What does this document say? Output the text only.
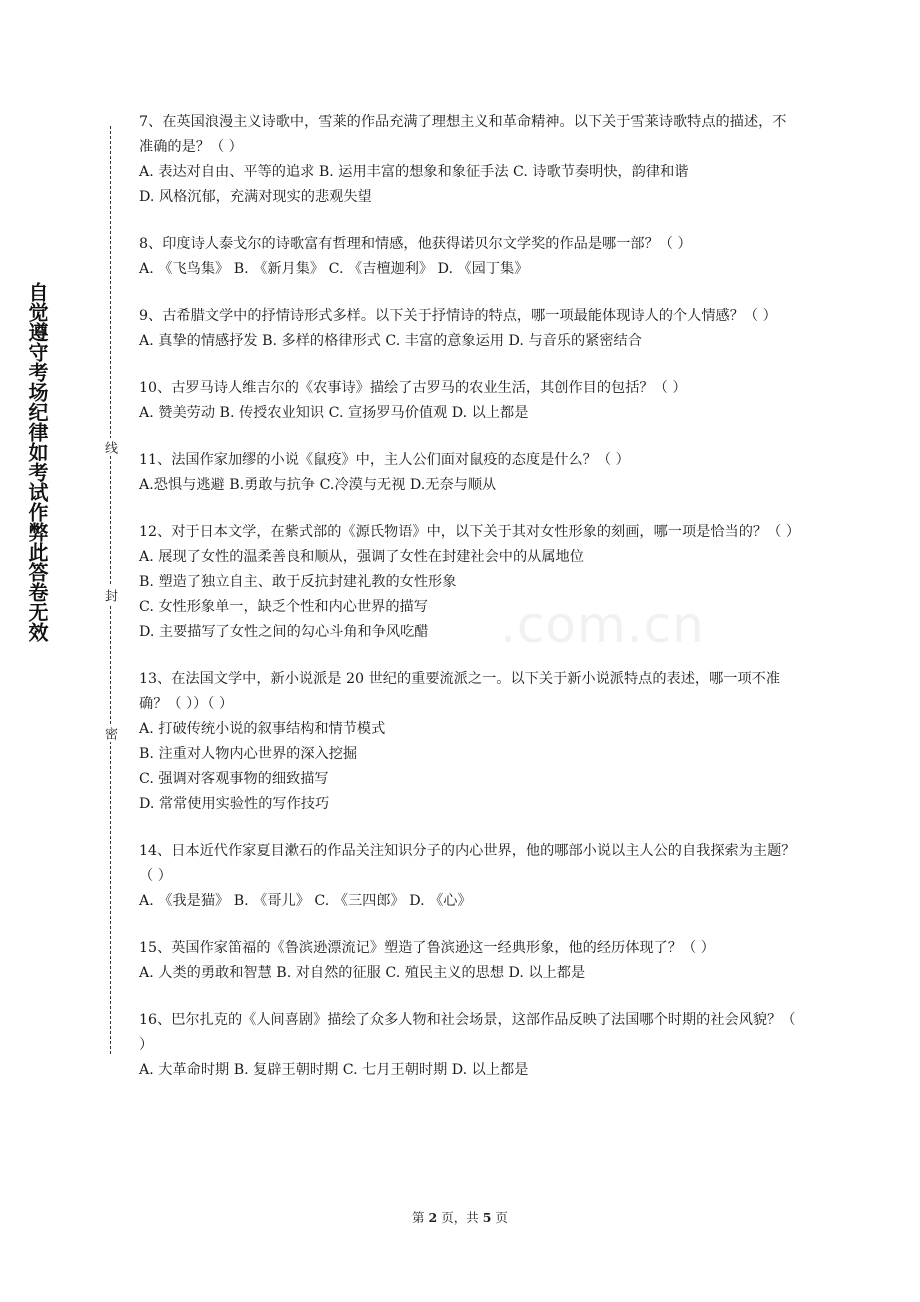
自觉遵守考场纪律如考试作弊此答卷无效	线
封
密
.com.cn

7、在英国浪漫主义诗歌中，雪莱的作品充满了理想主义和革命精神。以下关于雪莱诗歌特点的描述，不准确的是？（ ）

A. 表达对自由、平等的追求 B. 运用丰富的想象和象征手法 C. 诗歌节奏明快，韵律和谐

D. 风格沉郁，充满对现实的悲观失望

8、印度诗人泰戈尔的诗歌富有哲理和情感，他获得诺贝尔文学奖的作品是哪一部？（ ）

A. 《飞鸟集》 B. 《新月集》 C. 《吉檀迦利》 D. 《园丁集》

9、古希腊文学中的抒情诗形式多样。以下关于抒情诗的特点，哪一项最能体现诗人的个人情感？（ ）

A. 真挚的情感抒发 B. 多样的格律形式 C. 丰富的意象运用 D. 与音乐的紧密结合

10、古罗马诗人维吉尔的《农事诗》描绘了古罗马的农业生活，其创作目的包括？（ ）

A. 赞美劳动 B. 传授农业知识 C. 宣扬罗马价值观 D. 以上都是

11、法国作家加缪的小说《鼠疫》中，主人公们面对鼠疫的态度是什么？（ ）

A.恐惧与逃避 B.勇敢与抗争 C.冷漠与无视 D.无奈与顺从

12、对于日本文学，在紫式部的《源氏物语》中，以下关于其对女性形象的刻画，哪一项是恰当的？（ ）

A. 展现了女性的温柔善良和顺从，强调了女性在封建社会中的从属地位

B. 塑造了独立自主、敢于反抗封建礼教的女性形象

C. 女性形象单一，缺乏个性和内心世界的描写

D. 主要描写了女性之间的勾心斗角和争风吃醋

13、在法国文学中，新小说派是 20 世纪的重要流派之一。以下关于新小说派特点的表述，哪一项不准确？（ ））（ ）

A. 打破传统小说的叙事结构和情节模式

B. 注重对人物内心世界的深入挖掘

C. 强调对客观事物的细致描写

D. 常常使用实验性的写作技巧

14、日本近代作家夏目漱石的作品关注知识分子的内心世界，他的哪部小说以主人公的自我探索为主题？（ ）

A. 《我是猫》 B. 《哥儿》 C. 《三四郎》 D. 《心》

15、英国作家笛福的《鲁滨逊漂流记》塑造了鲁滨逊这一经典形象，他的经历体现了？（ ）

A. 人类的勇敢和智慧 B. 对自然的征服 C. 殖民主义的思想 D. 以上都是

16、巴尔扎克的《人间喜剧》描绘了众多人物和社会场景，这部作品反映了法国哪个时期的社会风貌？（ ）

A. 大革命时期 B. 复辟王朝时期 C. 七月王朝时期 D. 以上都是

第 2 页，共 5 页
